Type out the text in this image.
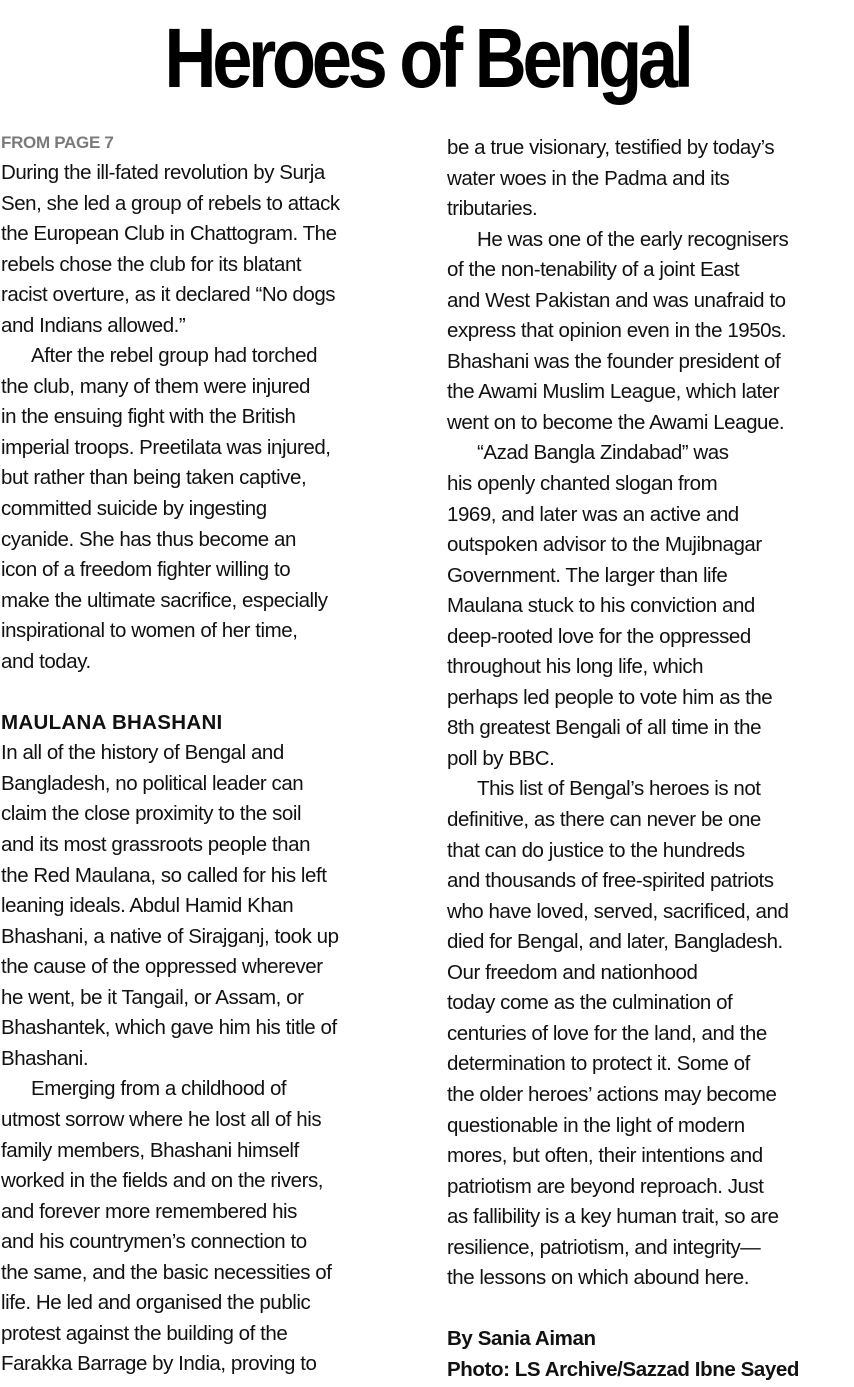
Heroes of Bengal
FROM PAGE 7
During the ill-fated revolution by Surja
Sen, she led a group of rebels to attack
the European Club in Chattogram. The
rebels chose the club for its blatant
racist overture, as it declared “No dogs
and Indians allowed.”
After the rebel group had torched
the club, many of them were injured
in the ensuing fight with the British
imperial troops. Preetilata was injured,
but rather than being taken captive,
committed suicide by ingesting
cyanide. She has thus become an
icon of a freedom fighter willing to
make the ultimate sacrifice, especially
inspirational to women of her time,
and today.
MAULANA BHASHANI
In all of the history of Bengal and
Bangladesh, no political leader can
claim the close proximity to the soil
and its most grassroots people than
the Red Maulana, so called for his left
leaning ideals. Abdul Hamid Khan
Bhashani, a native of Sirajganj, took up
the cause of the oppressed wherever
he went, be it Tangail, or Assam, or
Bhashantek, which gave him his title of
Bhashani.
Emerging from a childhood of
utmost sorrow where he lost all of his
family members, Bhashani himself
worked in the fields and on the rivers,
and forever more remembered his
and his countrymen’s connection to
the same, and the basic necessities of
life. He led and organised the public
protest against the building of the
Farakka Barrage by India, proving to
be a true visionary, testified by today’s
water woes in the Padma and its
tributaries.
He was one of the early recognisers
of the non-tenability of a joint East
and West Pakistan and was unafraid to
express that opinion even in the 1950s.
Bhashani was the founder president of
the Awami Muslim League, which later
went on to become the Awami League.
“Azad Bangla Zindabad” was
his openly chanted slogan from
1969, and later was an active and
outspoken advisor to the Mujibnagar
Government. The larger than life
Maulana stuck to his conviction and
deep-rooted love for the oppressed
throughout his long life, which
perhaps led people to vote him as the
8th greatest Bengali of all time in the
poll by BBC.
This list of Bengal’s heroes is not
definitive, as there can never be one
that can do justice to the hundreds
and thousands of free-spirited patriots
who have loved, served, sacrificed, and
died for Bengal, and later, Bangladesh.
Our freedom and nationhood
today come as the culmination of
centuries of love for the land, and the
determination to protect it. Some of
the older heroes’ actions may become
questionable in the light of modern
mores, but often, their intentions and
patriotism are beyond reproach. Just
as fallibility is a key human trait, so are
resilience, patriotism, and integrity—
the lessons on which abound here.
By Sania Aiman
Photo: LS Archive/Sazzad Ibne Sayed
